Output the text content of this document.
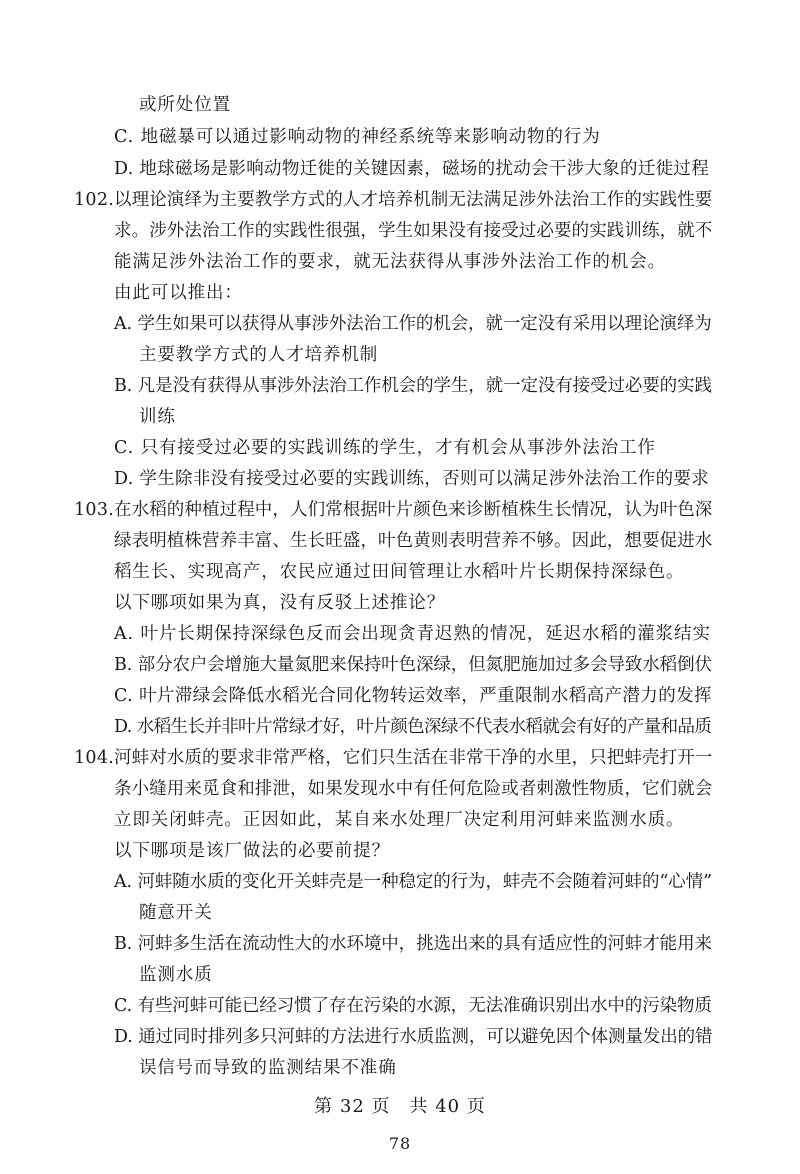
或所处位置
C. 地磁暴可以通过影响动物的神经系统等来影响动物的行为
D. 地球磁场是影响动物迁徙的关键因素，磁场的扰动会干涉大象的迁徙过程
102. 以理论演绎为主要教学方式的人才培养机制无法满足涉外法治工作的实践性要
求。涉外法治工作的实践性很强，学生如果没有接受过必要的实践训练，就不
能满足涉外法治工作的要求，就无法获得从事涉外法治工作的机会。
由此可以推出：
A. 学生如果可以获得从事涉外法治工作的机会，就一定没有采用以理论演绎为
主要教学方式的人才培养机制
B. 凡是没有获得从事涉外法治工作机会的学生，就一定没有接受过必要的实践
训练
C. 只有接受过必要的实践训练的学生，才有机会从事涉外法治工作
D. 学生除非没有接受过必要的实践训练，否则可以满足涉外法治工作的要求
103. 在水稻的种植过程中，人们常根据叶片颜色来诊断植株生长情况，认为叶色深
绿表明植株营养丰富、生长旺盛，叶色黄则表明营养不够。因此，想要促进水
稻生长、实现高产，农民应通过田间管理让水稻叶片长期保持深绿色。
以下哪项如果为真，没有反驳上述推论？
A. 叶片长期保持深绿色反而会出现贪青迟熟的情况，延迟水稻的灌浆结实
B. 部分农户会增施大量氮肥来保持叶色深绿，但氮肥施加过多会导致水稻倒伏
C. 叶片滞绿会降低水稻光合同化物转运效率，严重限制水稻高产潜力的发挥
D. 水稻生长并非叶片常绿才好，叶片颜色深绿不代表水稻就会有好的产量和品质
104. 河蚌对水质的要求非常严格，它们只生活在非常干净的水里，只把蚌壳打开一
条小缝用来觅食和排泄，如果发现水中有任何危险或者刺激性物质，它们就会
立即关闭蚌壳。正因如此，某自来水处理厂决定利用河蚌来监测水质。
以下哪项是该厂做法的必要前提？
A. 河蚌随水质的变化开关蚌壳是一种稳定的行为，蚌壳不会随着河蚌的“心情”
随意开关
B. 河蚌多生活在流动性大的水环境中，挑选出来的具有适应性的河蚌才能用来
监测水质
C. 有些河蚌可能已经习惯了存在污染的水源，无法准确识别出水中的污染物质
D. 通过同时排列多只河蚌的方法进行水质监测，可以避免因个体测量发出的错
误信号而导致的监测结果不准确
第 32 页　共 40 页
78
